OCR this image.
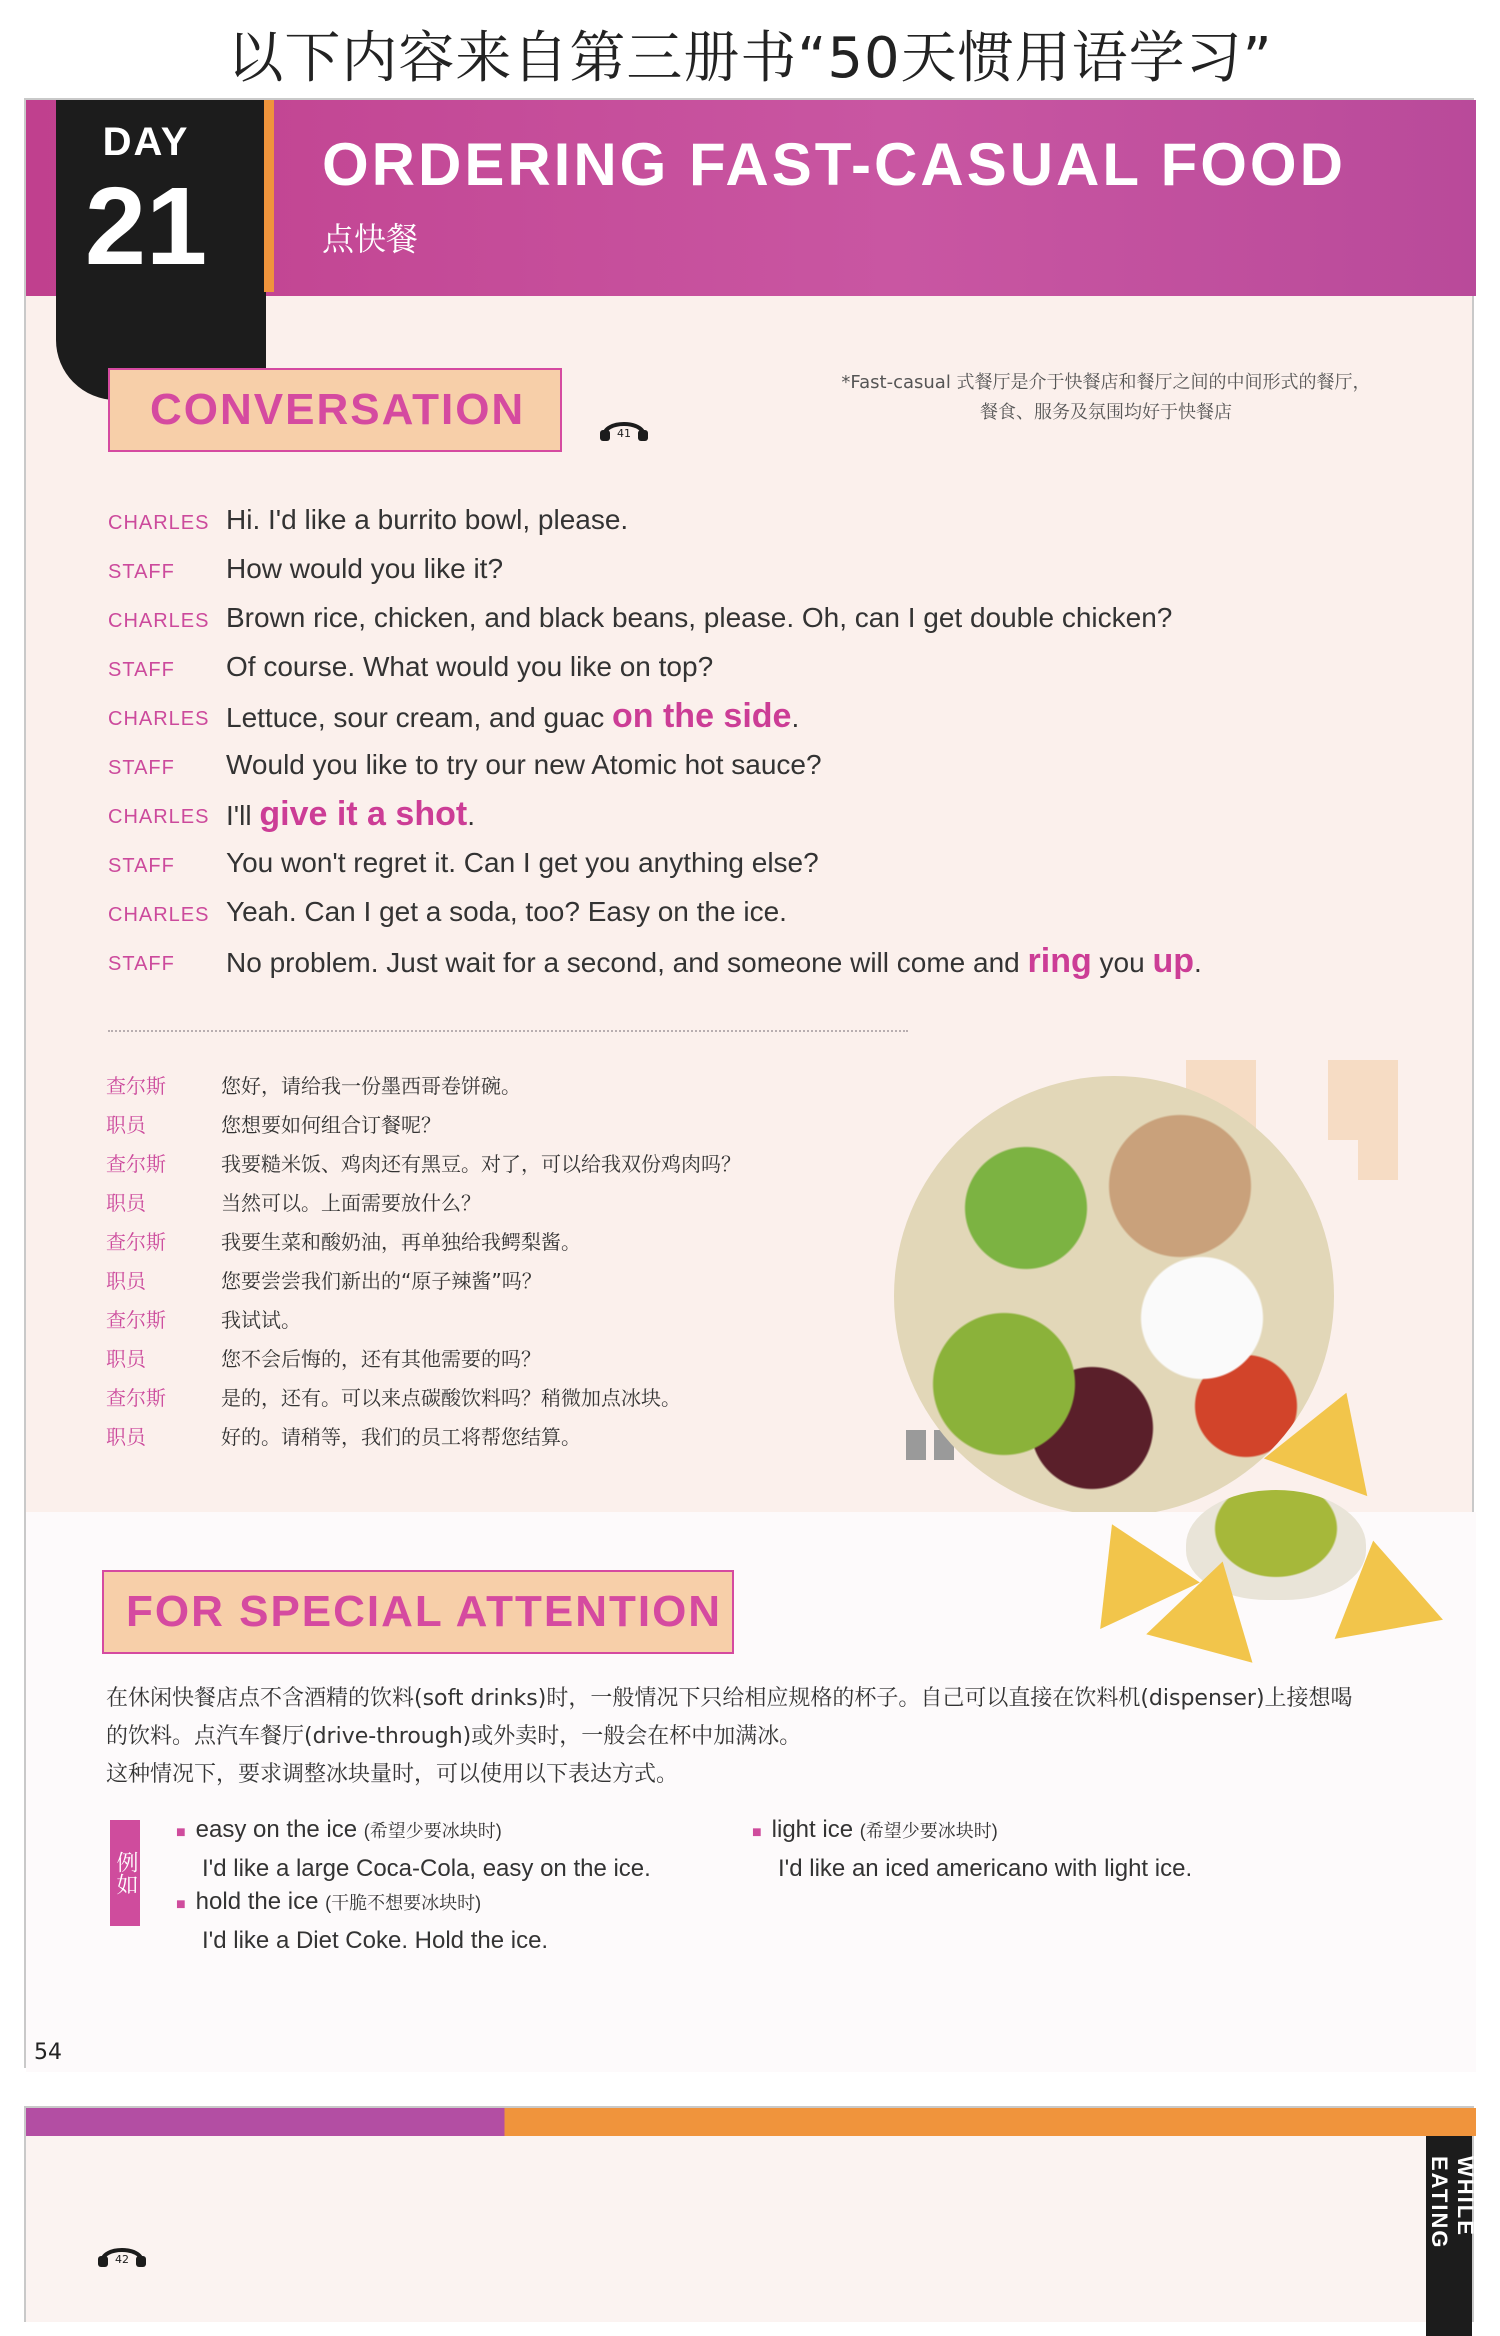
以下内容来自第三册书“50天惯用语学习”
DAY
21
ORDERING FAST-CASUAL FOOD
点快餐
CONVERSATION	41
*Fast-casual 式餐厅是介于快餐店和餐厅之间的中间形式的餐厅，
餐食、服务及氛围均好于快餐店
CHARLES Hi. I'd like a burrito bowl, please.
STAFF How would you like it?
CHARLES Brown rice, chicken, and black beans, please. Oh, can I get double chicken?
STAFF Of course. What would you like on top?
CHARLES Lettuce, sour cream, and guac on the side.
STAFF Would you like to try our new Atomic hot sauce?
CHARLES I'll give it a shot.
STAFF You won't regret it. Can I get you anything else?
CHARLES Yeah. Can I get a soda, too? Easy on the ice.
STAFF No problem. Just wait for a second, and someone will come and ring you up.
查尔斯	您好，请给我一份墨西哥卷饼碗。
职员	您想要如何组合订餐呢？
查尔斯	我要糙米饭、鸡肉还有黑豆。对了，可以给我双份鸡肉吗？
职员	当然可以。上面需要放什么？
查尔斯	我要生菜和酸奶油，再单独给我鳄梨酱。
职员	您要尝尝我们新出的“原子辣酱”吗？
查尔斯	我试试。
职员	您不会后悔的，还有其他需要的吗？
查尔斯	是的，还有。可以来点碳酸饮料吗？稍微加点冰块。
职员	好的。请稍等，我们的员工将帮您结算。
FOR SPECIAL ATTENTION
在休闲快餐店点不含酒精的饮料(soft drinks)时，一般情况下只给相应规格的杯子。自己可以直接在饮料机(dispenser)上接想喝
的饮料。点汽车餐厅(drive-through)或外卖时，一般会在杯中加满冰。
这种情况下，要求调整冰块量时，可以使用以下表达方式。
例如
■ easy on the ice (希望少要冰块时)
I'd like a large Coca-Cola, easy on the ice.
■ hold the ice (干脆不想要冰块时)
I'd like a Diet Coke. Hold the ice.
■ light ice (希望少要冰块时)
I'd like an iced americano with light ice.
54
42
WHILE EATING
